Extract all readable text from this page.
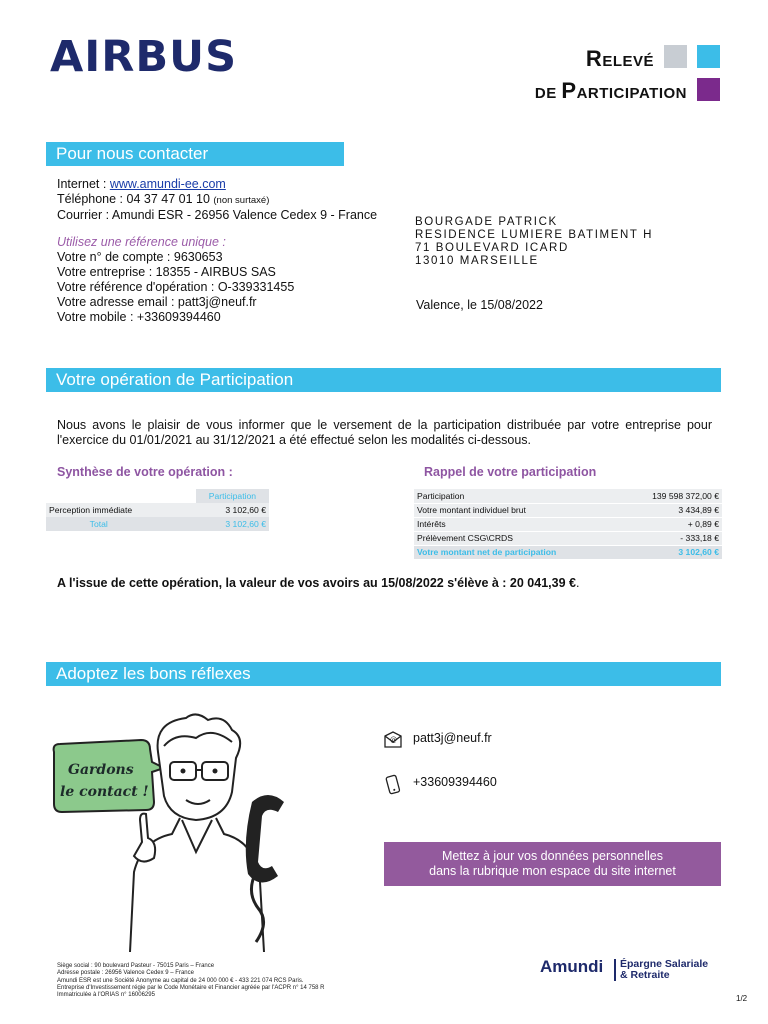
AIRBUS	RELEVÉ
DE PARTICIPATION
Pour nous contacter
Internet : www.amundi-ee.com
Téléphone : 04 37 47 01 10 (non surtaxé)
Courrier : Amundi ESR - 26956 Valence Cedex 9 - France
Utilisez une référence unique :
Votre n° de compte : 9630653
Votre entreprise : 18355 - AIRBUS SAS
Votre référence d'opération : O-339331455
Votre adresse email : patt3j@neuf.fr
Votre mobile : +33609394460
BOURGADE PATRICK
RESIDENCE LUMIERE BATIMENT H
71 BOULEVARD ICARD
13010 MARSEILLE
Valence, le 15/08/2022
Votre opération de Participation
Nous avons le plaisir de vous informer que le versement de la participation distribuée par votre entreprise pour l'exercice du 01/01/2021 au 31/12/2021 a été effectué selon les modalités ci-dessous.
Synthèse de votre opération :	Rappel de votre participation
	Participation
Perception immédiate	3 102,60 €
Total	3 102,60 €
Participation	139 598 372,00 €
Votre montant individuel brut	3 434,89 €
Intérêts	+ 0,89 €
Prélèvement CSG\CRDS	- 333,18 €
Votre montant net de participation	3 102,60 €
A l'issue de cette opération, la valeur de vos avoirs au 15/08/2022 s'élève à : 20 041,39 €.
Adoptez les bons réflexes
Gardons
le contact !
@ patt3j@neuf.fr
+33609394460
Mettez à jour vos données personnelles
dans la rubrique mon espace du site internet
Siège social : 90 boulevard Pasteur - 75015 Paris – France
Adresse postale : 26956 Valence Cedex 9 – France
Amundi ESR est une Société Anonyme au capital de 24 000 000 € - 433 221 074 RCS Paris.
Entreprise d'Investissement régie par le Code Monétaire et Financier agréée par l'ACPR n° 14 758 R
Immatriculée à l'ORIAS n° 16006295
Amundi Épargne Salariale
& Retraite
1/2
